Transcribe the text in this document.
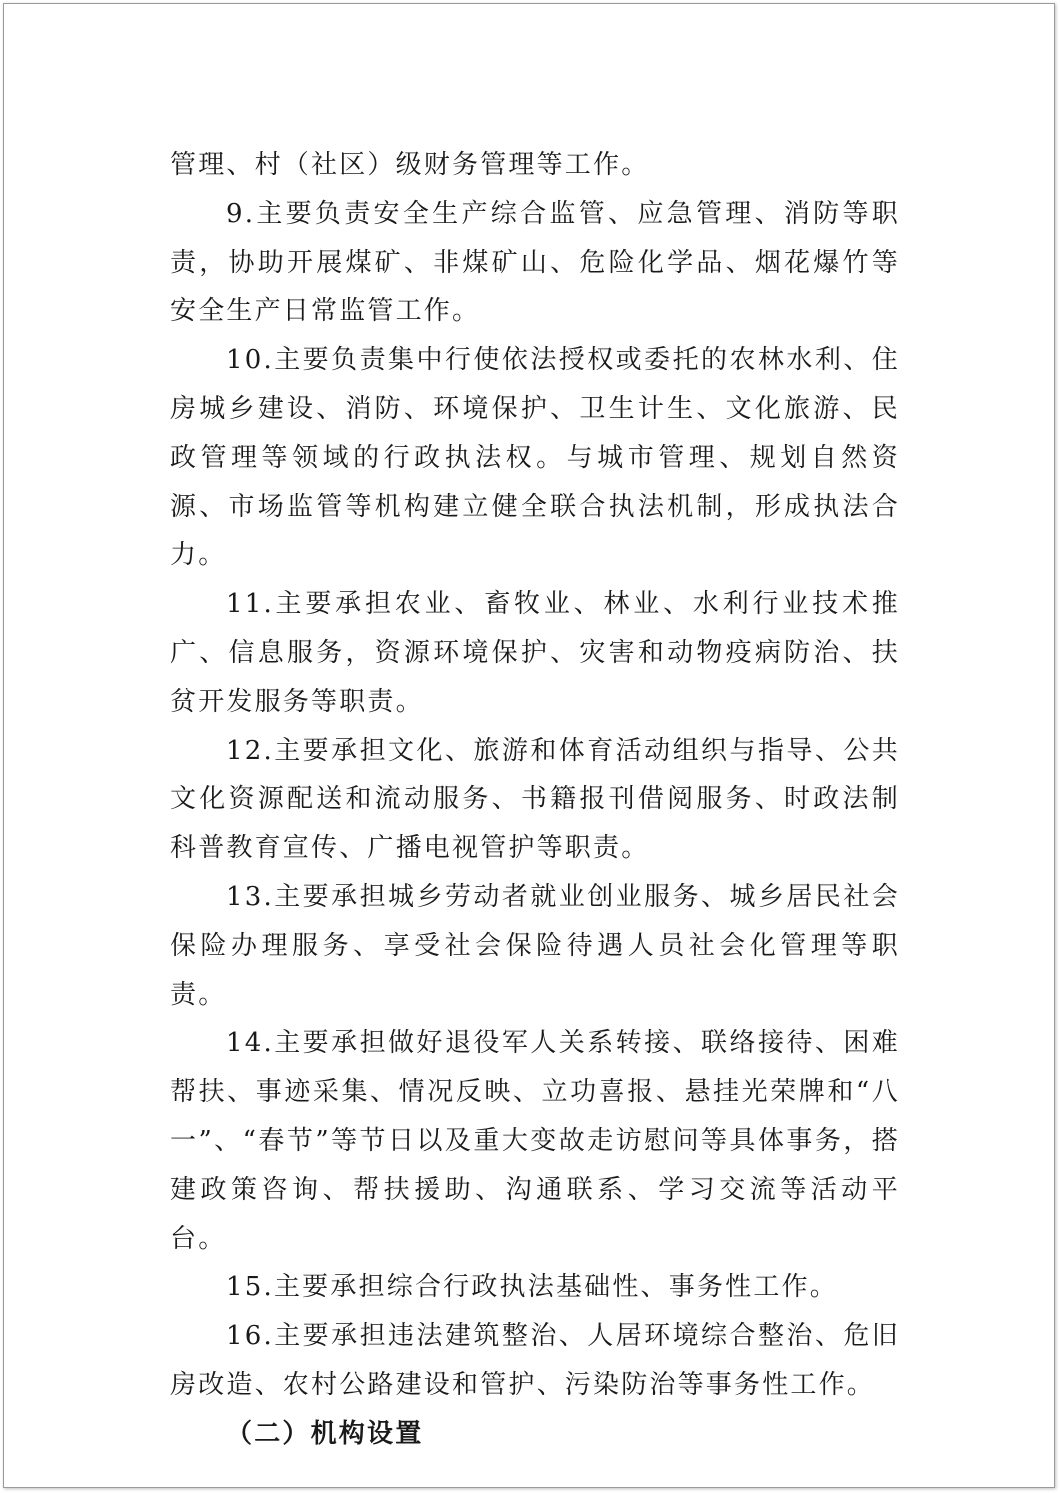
管理、村（社区）级财务管理等工作。

9.主要负责安全生产综合监管、应急管理、消防等职责，协助开展煤矿、非煤矿山、危险化学品、烟花爆竹等安全生产日常监管工作。

10.主要负责集中行使依法授权或委托的农林水利、住房城乡建设、消防、环境保护、卫生计生、文化旅游、民政管理等领域的行政执法权。与城市管理、规划自然资源、市场监管等机构建立健全联合执法机制，形成执法合力。

11.主要承担农业、畜牧业、林业、水利行业技术推广、信息服务，资源环境保护、灾害和动物疫病防治、扶贫开发服务等职责。

12.主要承担文化、旅游和体育活动组织与指导、公共文化资源配送和流动服务、书籍报刊借阅服务、时政法制科普教育宣传、广播电视管护等职责。

13.主要承担城乡劳动者就业创业服务、城乡居民社会保险办理服务、享受社会保险待遇人员社会化管理等职责。

14.主要承担做好退役军人关系转接、联络接待、困难帮扶、事迹采集、情况反映、立功喜报、悬挂光荣牌和“八一”、“春节”等节日以及重大变故走访慰问等具体事务，搭建政策咨询、帮扶援助、沟通联系、学习交流等活动平台。

15.主要承担综合行政执法基础性、事务性工作。

16.主要承担违法建筑整治、人居环境综合整治、危旧房改造、农村公路建设和管护、污染防治等事务性工作。

（二）机构设置
